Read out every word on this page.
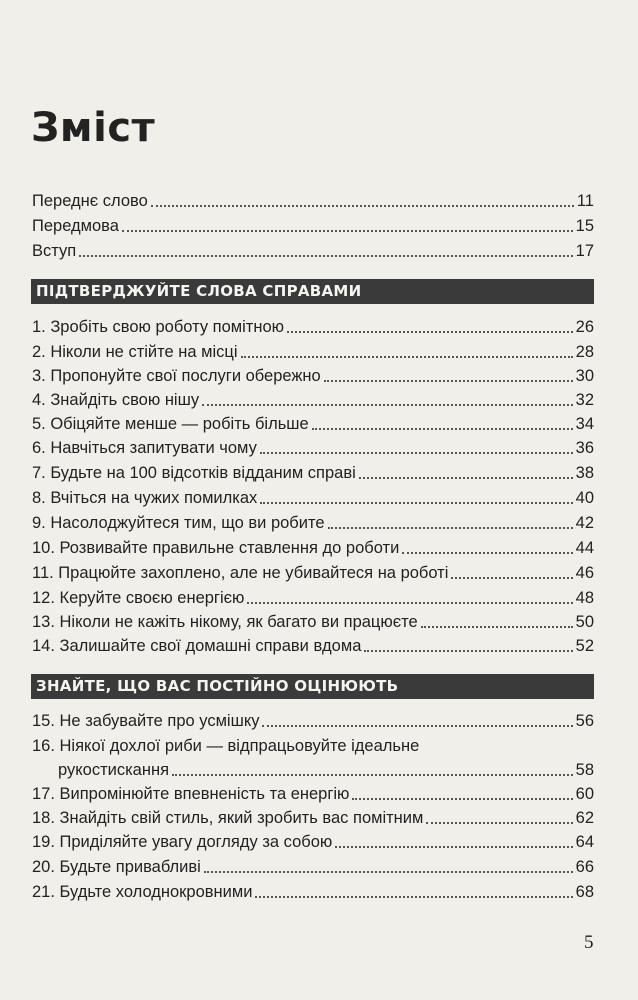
Зміст
Переднє слово	11
Передмова	15
Вступ	17
ПІДТВЕРДЖУЙТЕ СЛОВА СПРАВАМИ
1. Зробіть свою роботу помітною	26
2. Ніколи не стійте на місці	28
3. Пропонуйте свої послуги обережно	30
4. Знайдіть свою нішу	32
5. Обіцяйте менше — робіть більше	34
6. Навчіться запитувати чому	36
7. Будьте на 100 відсотків відданим справі	38
8. Вчіться на чужих помилках	40
9. Насолоджуйтеся тим, що ви робите	42
10. Розвивайте правильне ставлення до роботи	44
11. Працюйте захоплено, але не убивайтеся на роботі	46
12. Керуйте своєю енергією	48
13. Ніколи не кажіть нікому, як багато ви працюєте	50
14. Залишайте свої домашні справи вдома	52
ЗНАЙТЕ, ЩО ВАС ПОСТІЙНО ОЦІНЮЮТЬ
15. Не забувайте про усмішку	56
16. Ніякої дохлої риби — відпрацьовуйте ідеальне
рукостискання	58
17. Випромінюйте впевненість та енергію	60
18. Знайдіть свій стиль, який зробить вас помітним	62
19. Приділяйте увагу догляду за собою	64
20. Будьте привабливі	66
21. Будьте холоднокровними	68
5
